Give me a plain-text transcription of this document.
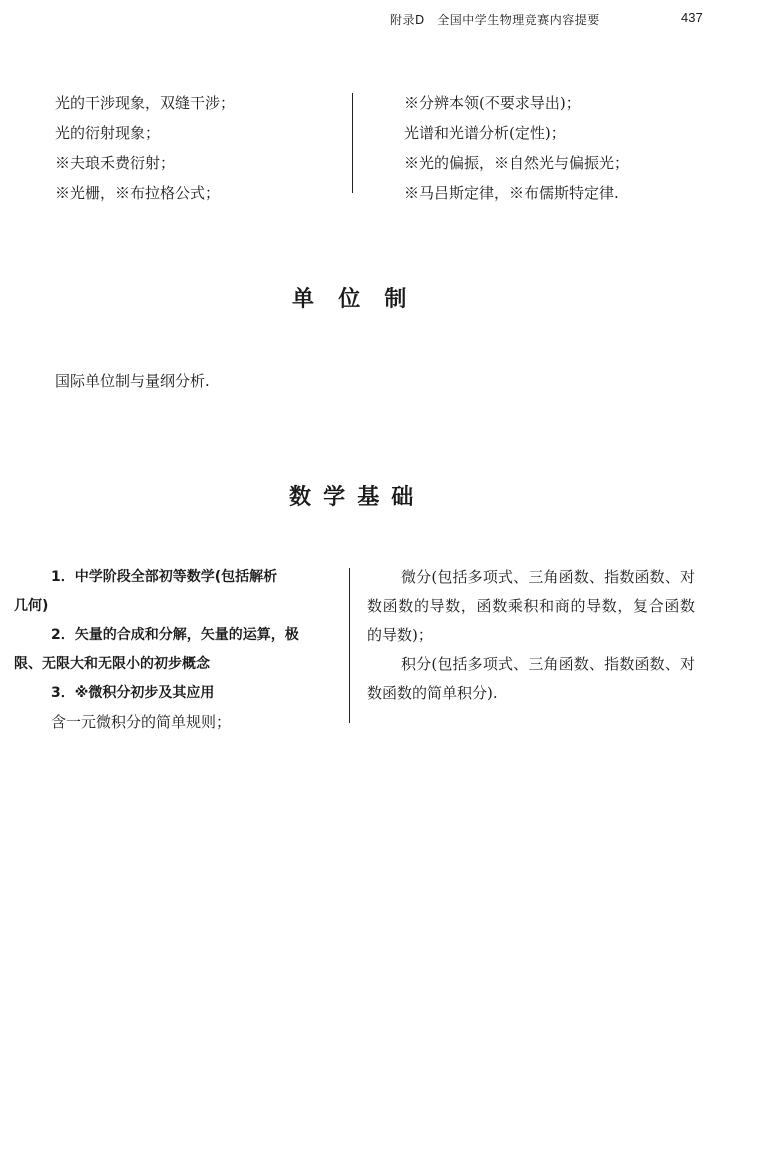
附录D　全国中学生物理竞赛内容提要	437
光的干涉现象，双缝干涉；
光的衍射现象；
※夫琅禾费衍射；
※光栅，※布拉格公式；
※分辨本领(不要求导出)；
光谱和光谱分析(定性)；
※光的偏振，※自然光与偏振光；
※马吕斯定律，※布儒斯特定律.
单位制
国际单位制与量纲分析.
数学基础
1．中学阶段全部初等数学(包括解析
几何)
2．矢量的合成和分解，矢量的运算，极
限、无限大和无限小的初步概念
3．※微积分初步及其应用
含一元微积分的简单规则；

微分(包括多项式、三角函数、指数函数、对数函数的导数，函数乘积和商的导数，复合函数的导数)；

积分(包括多项式、三角函数、指数函数、对数函数的简单积分).
